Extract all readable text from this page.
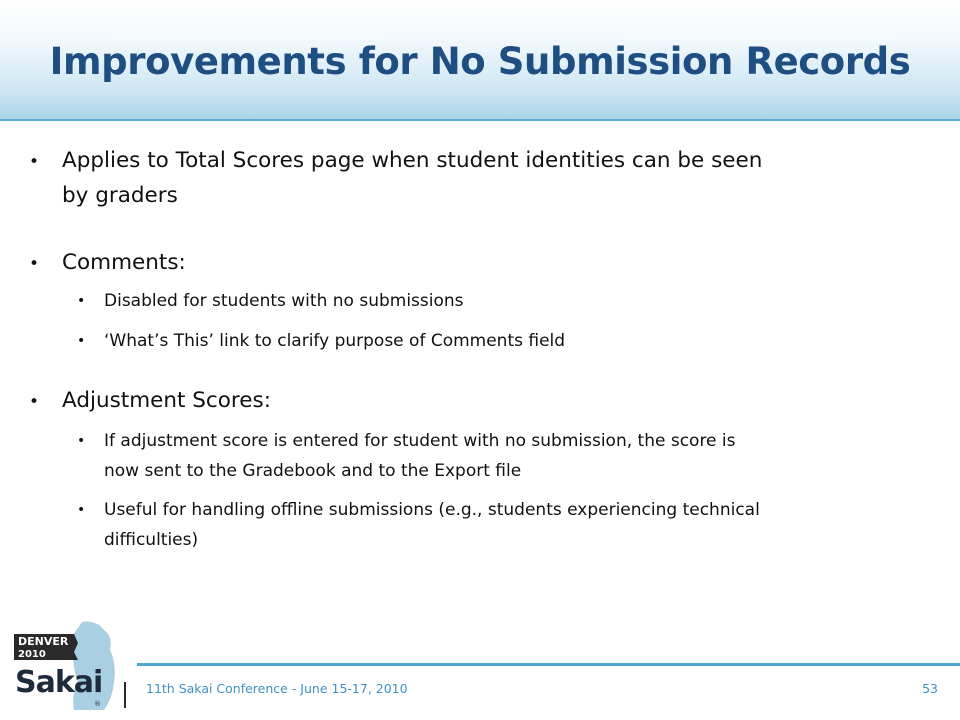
Improvements for No Submission Records
• Applies to Total Scores page when student identities can be seen
by graders
• Comments:
• Disabled for students with no submissions
• ‘What’s This’ link to clarify purpose of Comments field
• Adjustment Scores:
• If adjustment score is entered for student with no submission, the score is
now sent to the Gradebook and to the Export file
• Useful for handling offline submissions (e.g., students experiencing technical
difficulties)
DENVER
2010
Sakai
®
11th Sakai Conference - June 15-17, 2010	53
